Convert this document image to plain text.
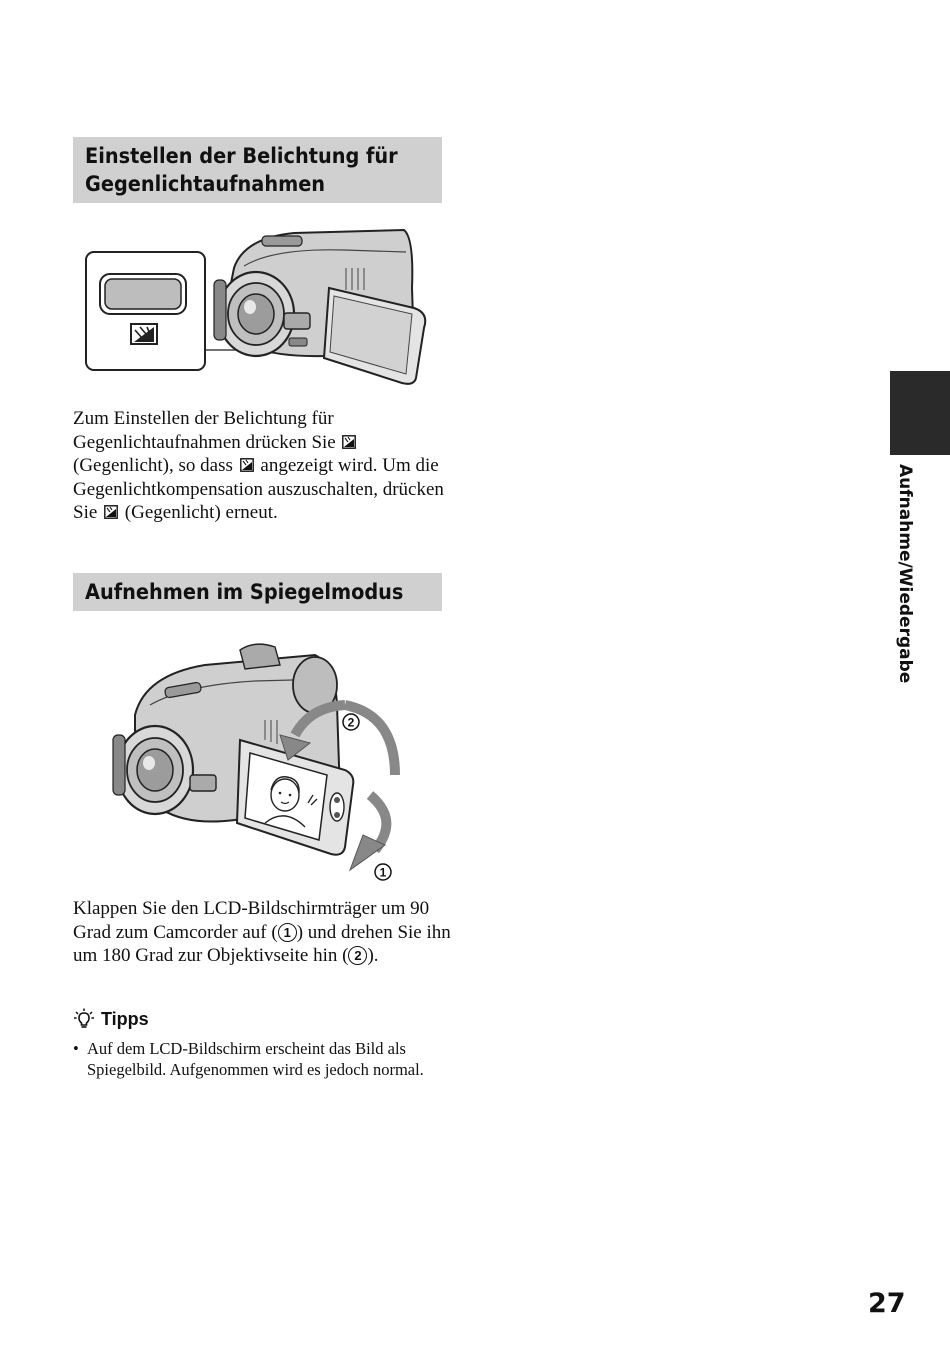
Einstellen der Belichtung für
Gegenlichtaufnahmen

Zum Einstellen der Belichtung für Gegenlichtaufnahmen drücken Sie  (Gegenlicht), so dass  angezeigt wird. Um die Gegenlichtkompensation auszuschalten, drücken Sie  (Gegenlicht) erneut.

Aufnehmen im Spiegelmodus
2
1

Klappen Sie den LCD-Bildschirmträger um 90 Grad zum Camcorder auf ( 1 ) und drehen Sie ihn um 180 Grad zur Objektivseite hin ( 2 ).

Tipps
• Auf dem LCD-Bildschirm erscheint das Bild als Spiegelbild. Aufgenommen wird es jedoch normal.
Aufnahme/Wiedergabe
27
